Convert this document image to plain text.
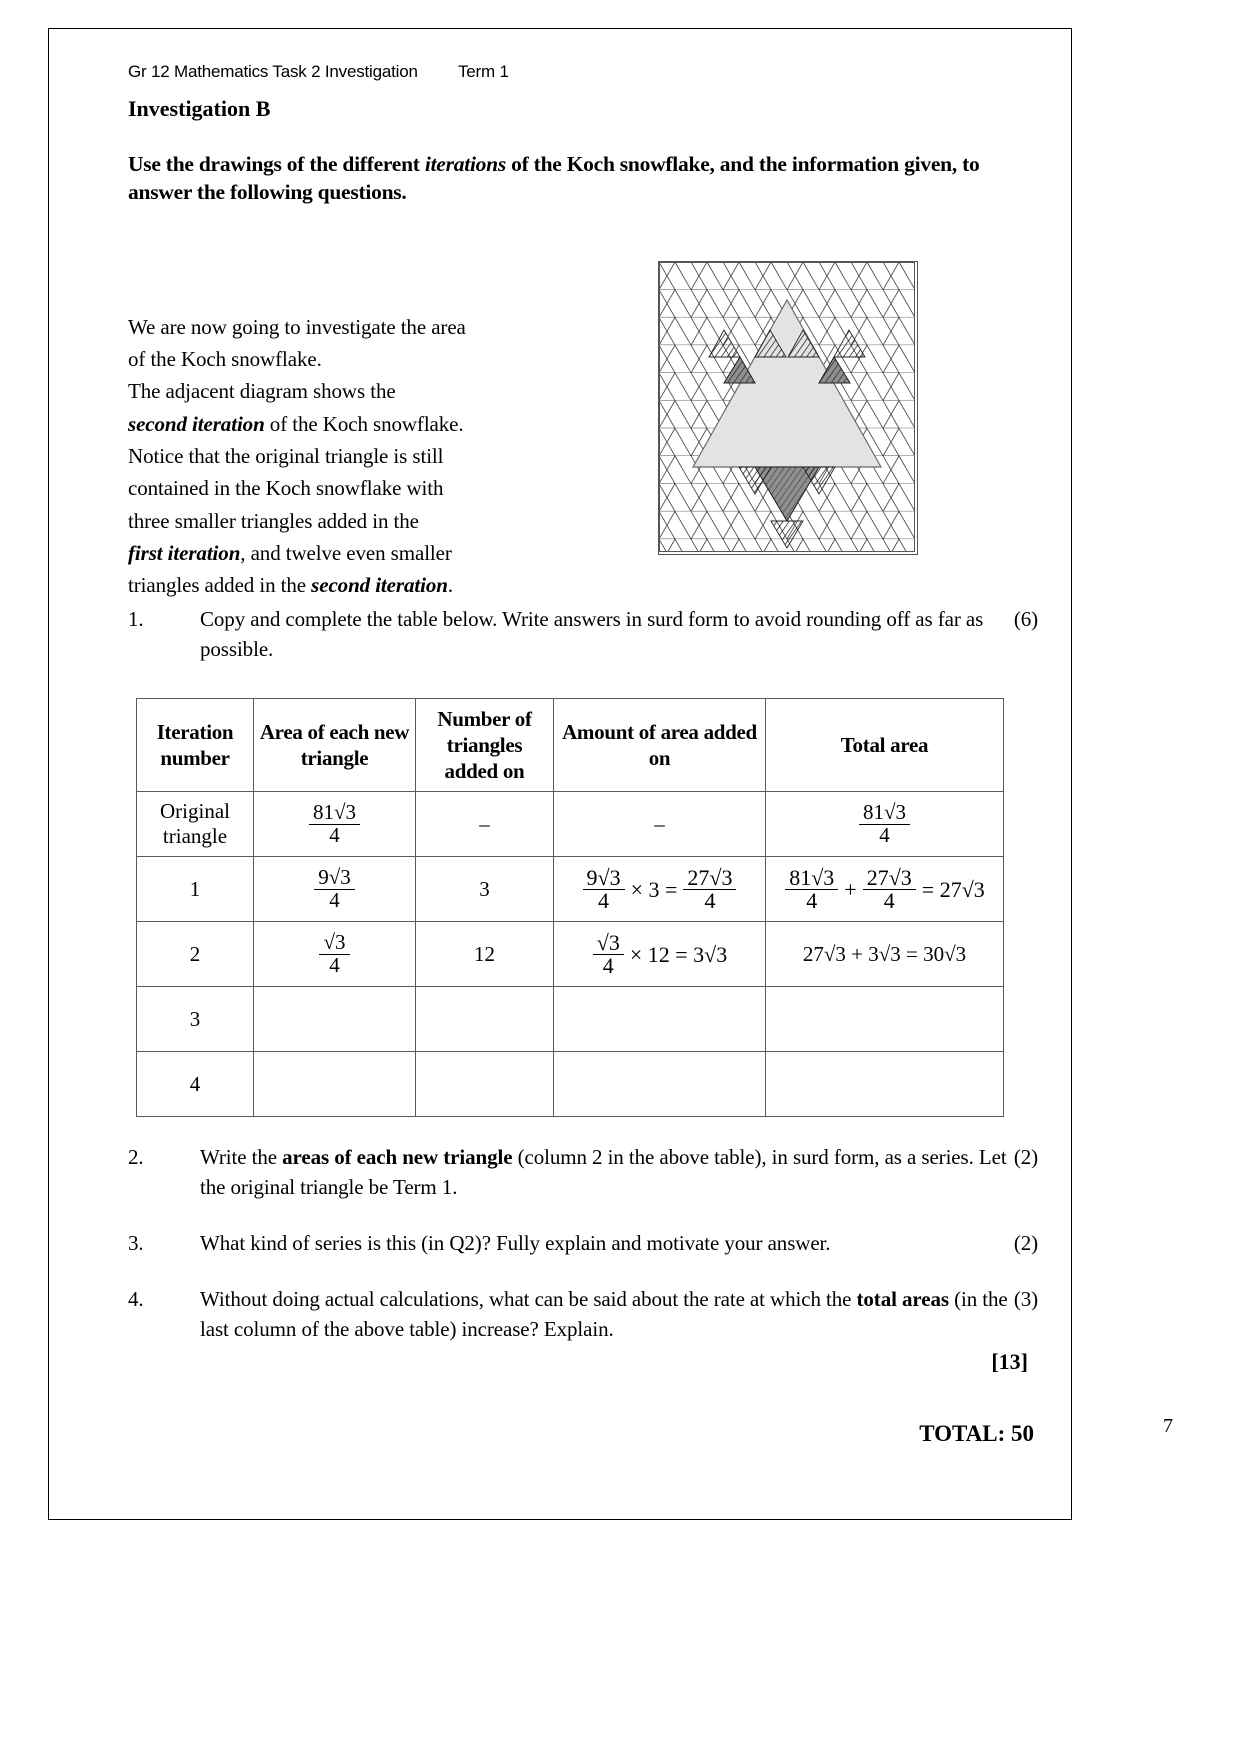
Gr 12 Mathematics Task 2 Investigation	Term 1
Investigation B
Use the drawings of the different iterations of the Koch snowflake, and the information given, to answer the following questions.
We are now going to investigate the area
of the Koch snowflake.
The adjacent diagram shows the
second iteration of the Koch snowflake.
Notice that the original triangle is still
contained in the Koch snowflake with
three smaller triangles added in the
first iteration, and twelve even smaller
triangles added in the second iteration.
1.	(6)
Copy and complete the table below. Write answers in surd form to avoid rounding off as far as possible.
Iteration number	Area of each new triangle	Number of triangles added on	Amount of area added on	Total area
Original triangle	$\frac{81√3}{4}$	–	–	$\frac{81√3}{4}$

1	$\frac{9√3}{4}$	3	$\frac{9√3}{4} \times 3 = \frac{27√3}{4}$	$\frac{81√3}{4} + \frac{27√3}{4} = 27√3$

2	$\frac{√3}{4}$	12	$\frac{√3}{4} \times 12 = 3√3$	27√3 + 3√3 = 30√3
3				
4				
2.	(2)
Write the areas of each new triangle (column 2 in the above table), in surd form, as a series. Let the original triangle be Term 1.
3.	(2)
What kind of series is this (in Q2)? Fully explain and motivate your answer.
4.	(3)
Without doing actual calculations, what can be said about the rate at which the total areas (in the last column of the above table) increase? Explain.
[13]
TOTAL: 50	7
